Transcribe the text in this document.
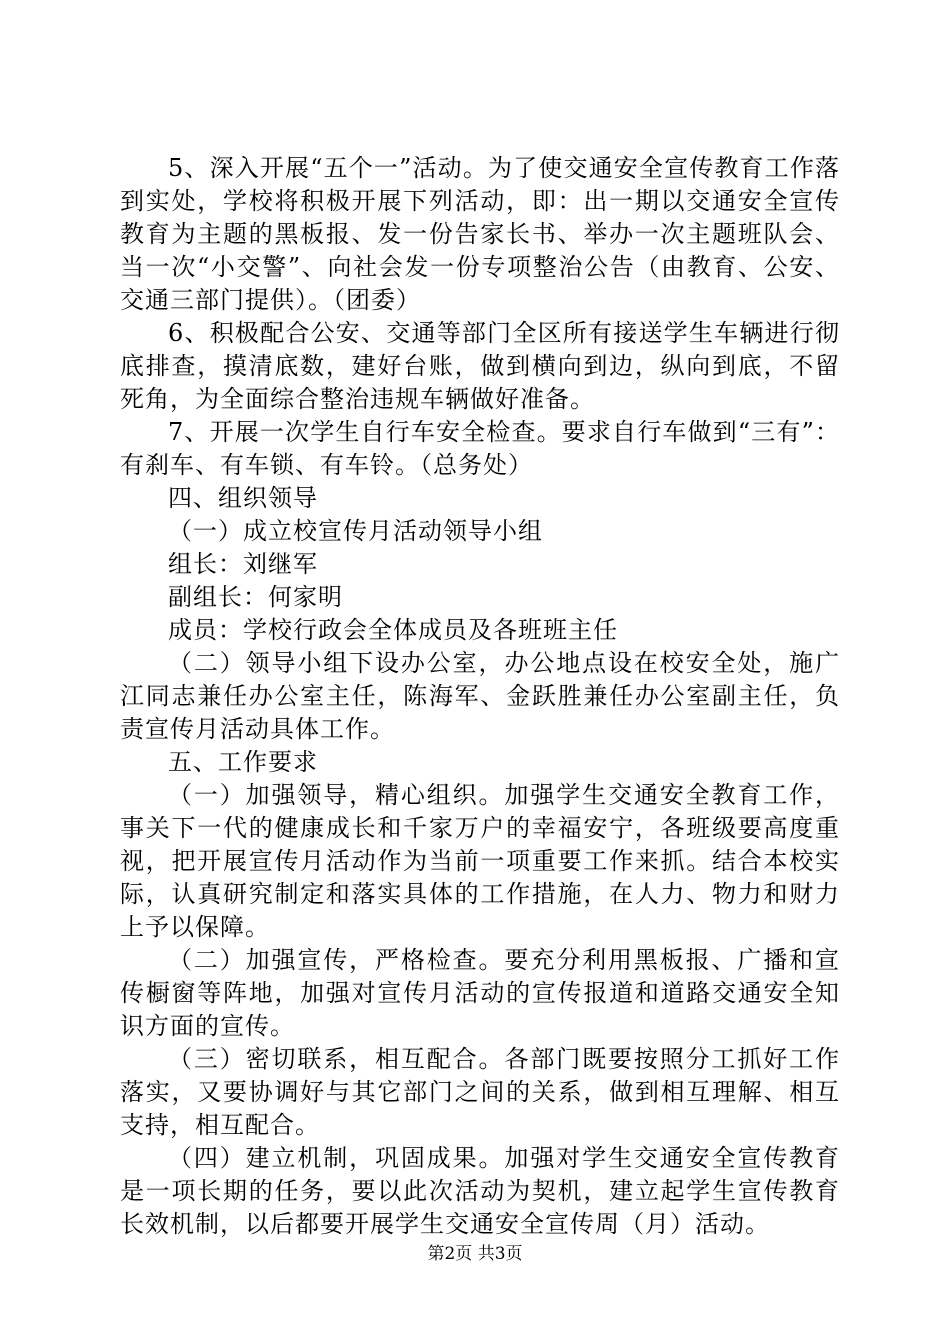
5、深入开展“五个一”活动。为了使交通安全宣传教育工作落到实处，学校将积极开展下列活动，即：出一期以交通安全宣传教育为主题的黑板报、发一份告家长书、举办一次主题班队会、当一次“小交警”、向社会发一份专项整治公告（由教育、公安、交通三部门提供）。（团委）

6、积极配合公安、交通等部门全区所有接送学生车辆进行彻底排查，摸清底数，建好台账，做到横向到边，纵向到底，不留死角，为全面综合整治违规车辆做好准备。

7、开展一次学生自行车安全检查。要求自行车做到“三有”：有刹车、有车锁、有车铃。（总务处）

四、组织领导

（一）成立校宣传月活动领导小组

组长：刘继军

副组长：何家明

成员：学校行政会全体成员及各班班主任

（二）领导小组下设办公室，办公地点设在校安全处，施广江同志兼任办公室主任，陈海军、金跃胜兼任办公室副主任，负责宣传月活动具体工作。

五、工作要求

（一）加强领导，精心组织。加强学生交通安全教育工作，事关下一代的健康成长和千家万户的幸福安宁，各班级要高度重视，把开展宣传月活动作为当前一项重要工作来抓。结合本校实际，认真研究制定和落实具体的工作措施，在人力、物力和财力上予以保障。

（二）加强宣传，严格检查。要充分利用黑板报、广播和宣传橱窗等阵地，加强对宣传月活动的宣传报道和道路交通安全知识方面的宣传。

（三）密切联系，相互配合。各部门既要按照分工抓好工作落实，又要协调好与其它部门之间的关系，做到相互理解、相互支持，相互配合。

（四）建立机制，巩固成果。加强对学生交通安全宣传教育是一项长期的任务，要以此次活动为契机，建立起学生宣传教育长效机制，以后都要开展学生交通安全宣传周（月）活动。

第2页 共3页
